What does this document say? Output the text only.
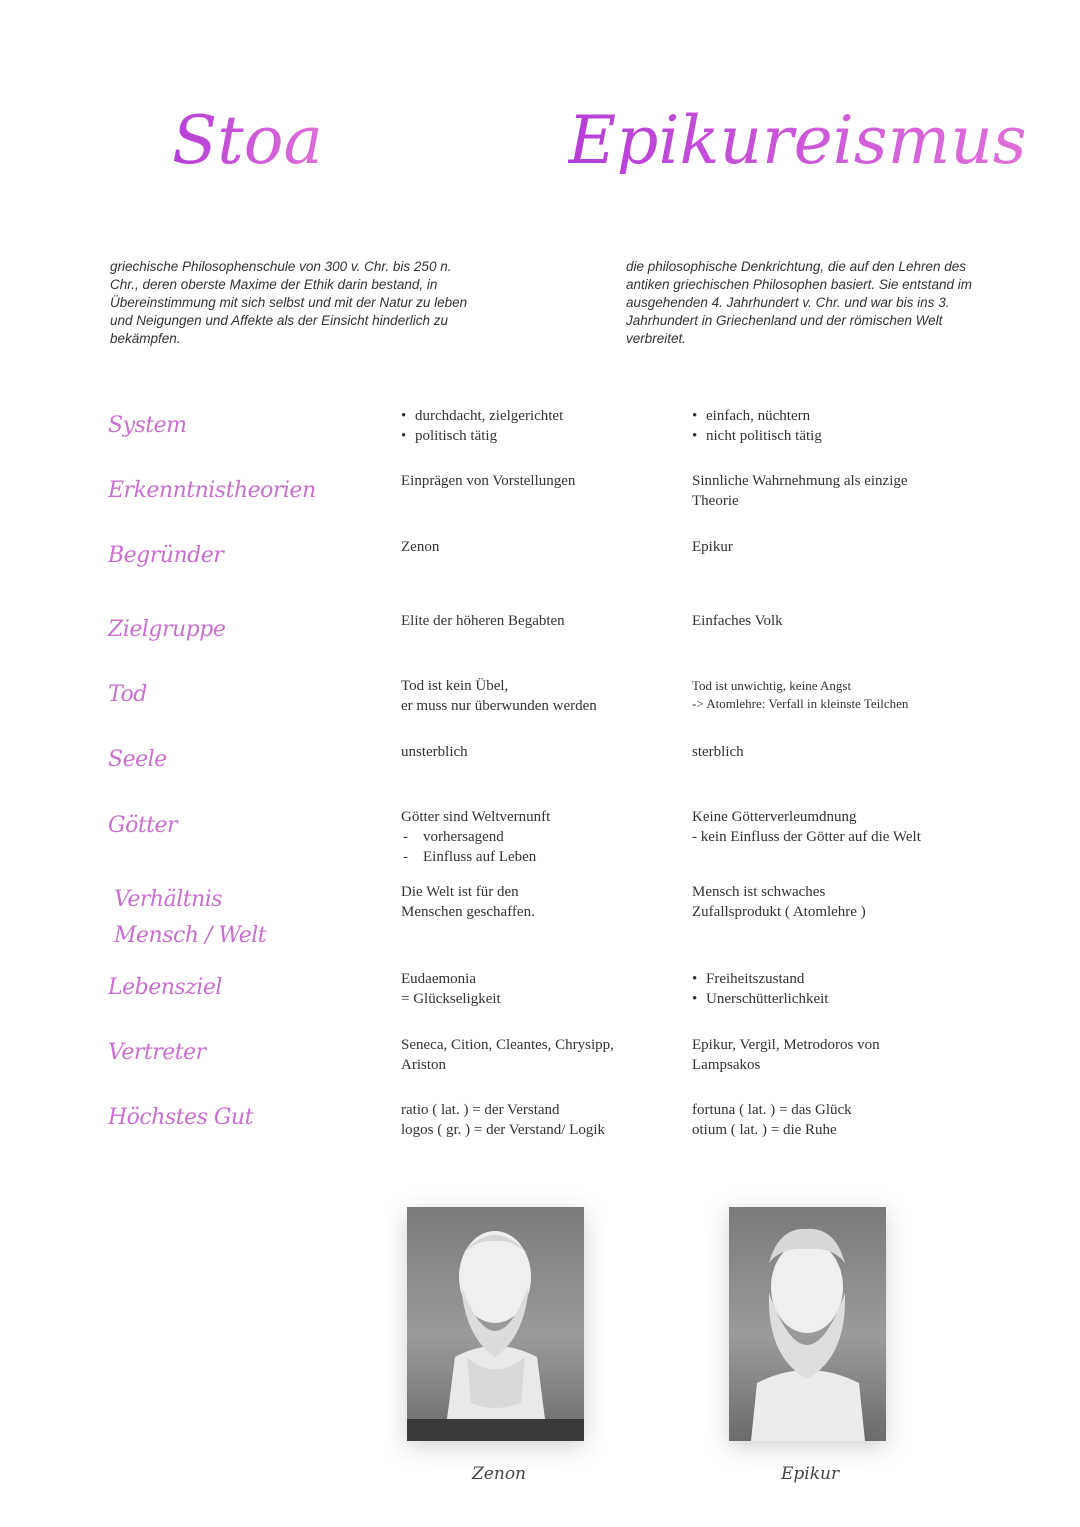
Stoa	Epikureismus

griechische Philosophenschule von 300 v. Chr. bis 250 n. Chr., deren oberste Maxime der Ethik darin bestand, in Übereinstimmung mit sich selbst und mit der Natur zu leben und Neigungen und Affekte als der Einsicht hinderlich zu bekämpfen.

die philosophische Denkrichtung, die auf den Lehren des antiken griechischen Philosophen basiert. Sie entstand im ausgehenden 4. Jahrhundert v. Chr. und war bis ins 3. Jahrhundert in Griechenland und der römischen Welt verbreitet.

System
•	durchdacht, zielgerichtet
• politisch tätig
• einfach, nüchtern
• nicht politisch tätig
Erkenntnistheorien	Einprägen von Vorstellungen	Sinnliche Wahrnehmung als einzige Theorie
Begründer	Zenon	Epikur
Zielgruppe	Elite der höheren Begabten	Einfaches Volk
Tod	Tod ist kein Übel,
er muss nur überwunden werden
Tod ist unwichtig, keine Angst
-> Atomlehre: Verfall in kleinste Teilchen
Seele	unsterblich	sterblich
Götter	Götter sind Weltvernunft
- vorhersagend
- Einfluss auf Leben
Keine Götterverleumdnung
- kein Einfluss der Götter auf die Welt
Verhältnis
Mensch / Welt
Die Welt ist für den
Menschen geschaffen.
Mensch ist schwaches
Zufallsprodukt ( Atomlehre )
Lebensziel	Eudaemonia
= Glückseligkeit
• Freiheitszustand
• Unerschütterlichkeit
Vertreter	Seneca, Cition, Cleantes, Chrysipp,
Ariston
Epikur, Vergil, Metrodoros von
Lampsakos
Höchstes Gut	ratio ( lat. ) = der Verstand
logos ( gr. ) = der Verstand/ Logik
fortuna ( lat. ) = das Glück
otium ( lat. ) = die Ruhe
Zenon	Epikur
